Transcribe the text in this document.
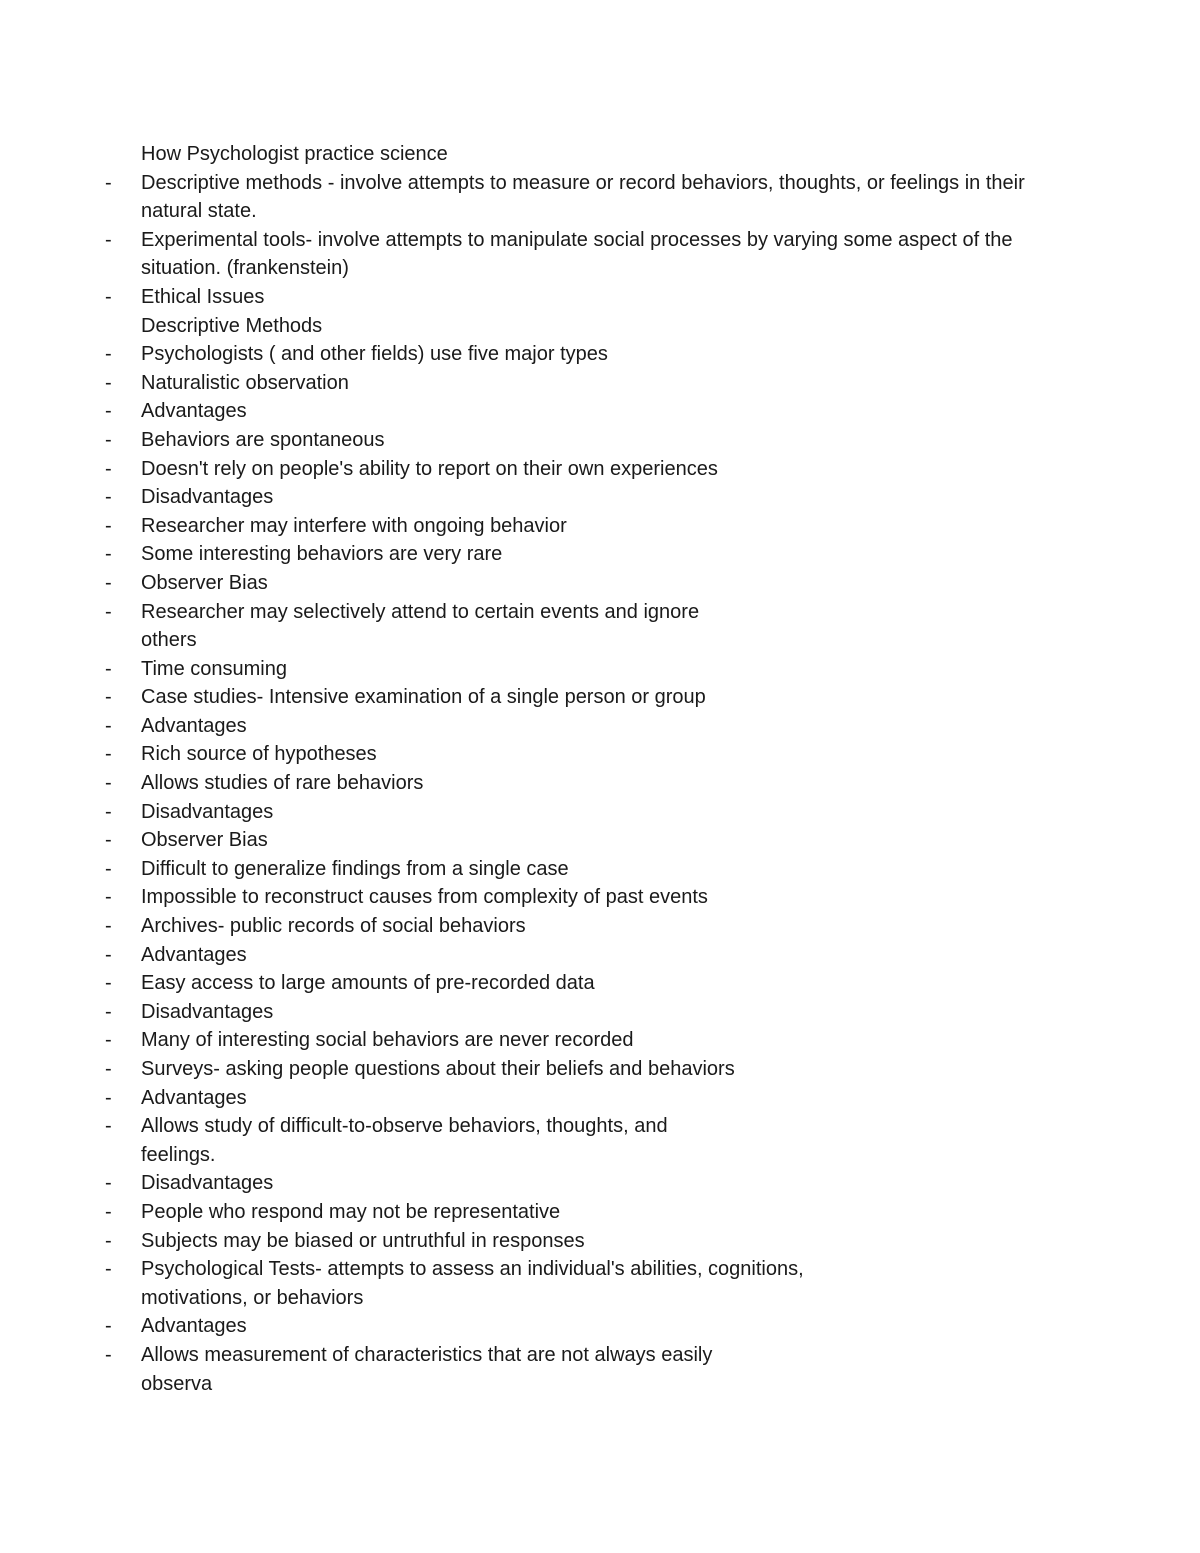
How Psychologist practice science

-	Descriptive methods - involve attempts to measure or record behaviors, thoughts, or feelings in their natural state.
-	Experimental tools- involve attempts to manipulate social processes by varying some aspect of the situation. (frankenstein)
-	Ethical Issues

Descriptive Methods

-	Psychologists ( and other fields) use five major types
-	Naturalistic observation
-	Advantages
-	Behaviors are spontaneous
-	Doesn't rely on people's ability to report on their own experiences
-	Disadvantages
-	Researcher may interfere with ongoing behavior
-	Some interesting behaviors are very rare
-	Observer Bias
-	Researcher may selectively attend to certain events and ignore others
-	Time consuming
-	Case studies- Intensive examination of a single person or group
-	Advantages
-	Rich source of hypotheses
-	Allows studies of rare behaviors
-	Disadvantages
-	Observer Bias
-	Difficult to generalize findings from a single case
-	Impossible to reconstruct causes from complexity of past events
-	Archives- public records of social behaviors
-	Advantages
-	Easy access to large amounts of pre-recorded data
-	Disadvantages
-	Many of interesting social behaviors are never recorded
-	Surveys- asking people questions about their beliefs and behaviors
-	Advantages
-	Allows study of difficult-to-observe behaviors, thoughts, and feelings.
-	Disadvantages
-	People who respond may not be representative
-	Subjects may be biased or untruthful in responses
-	Psychological Tests- attempts to assess an individual's abilities, cognitions, motivations, or behaviors
-	Advantages
-	Allows measurement of characteristics that are not always easily observa
